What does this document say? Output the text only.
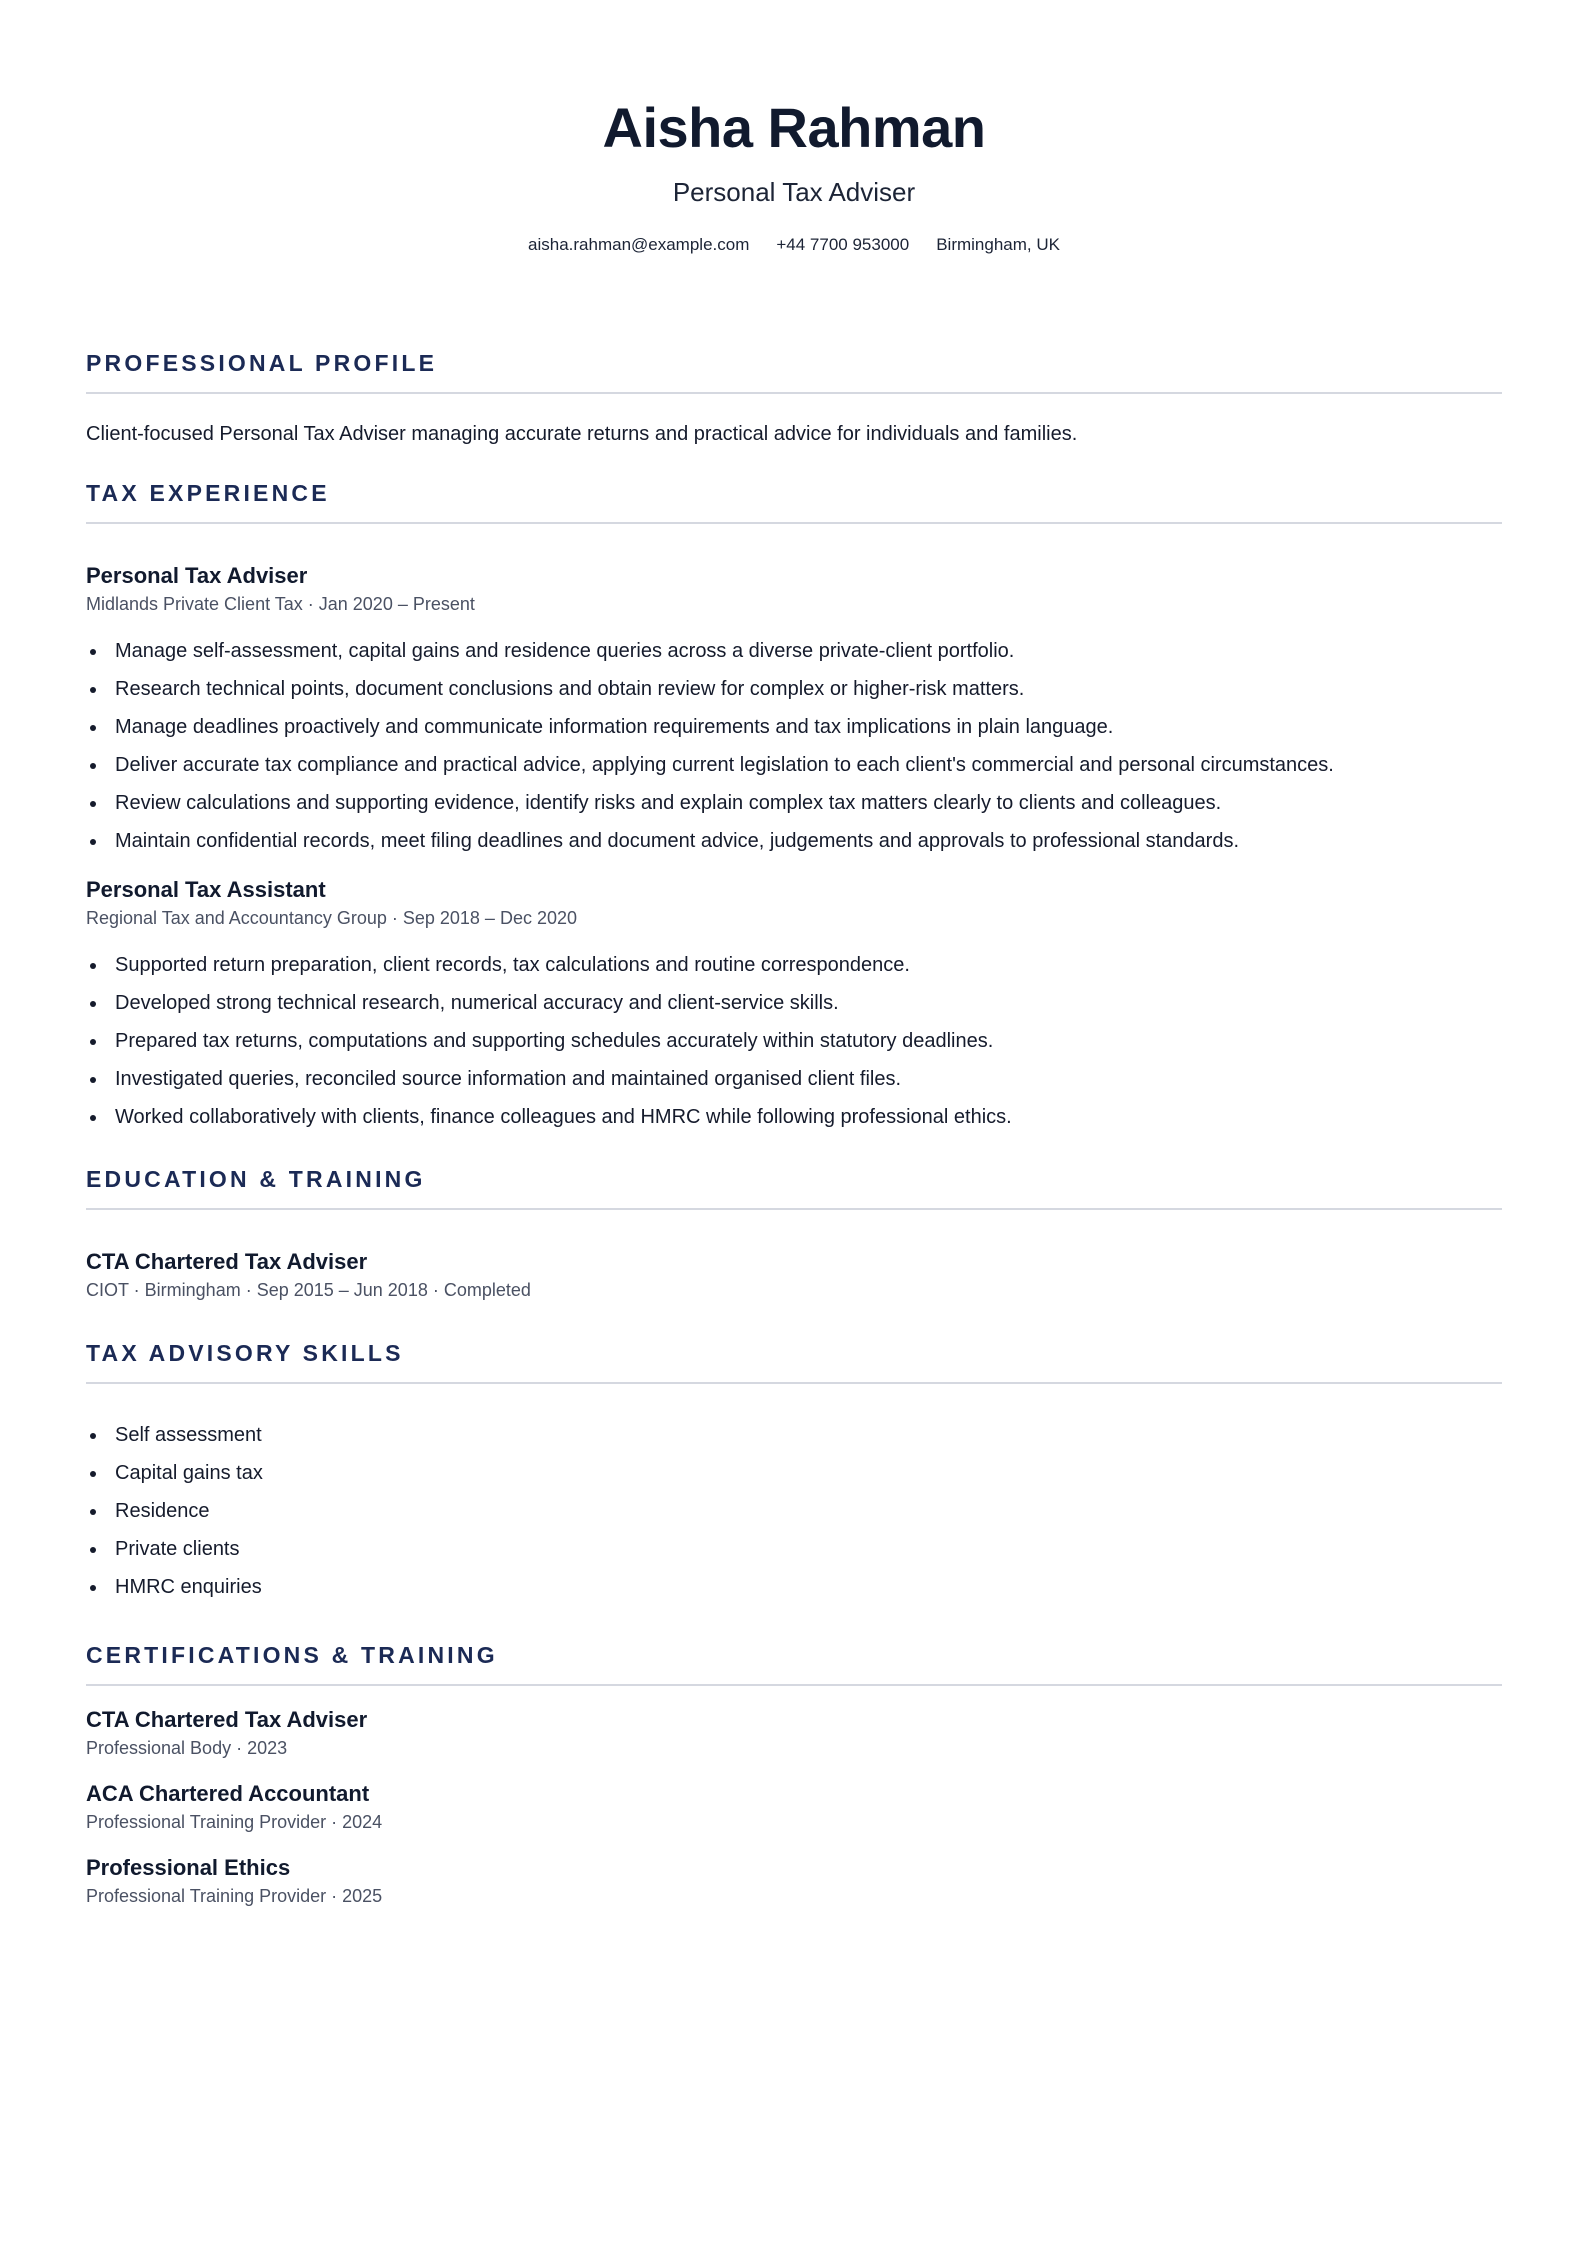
Aisha Rahman
Personal Tax Adviser
aisha.rahman@example.com +44 7700 953000 Birmingham, UK
PROFESSIONAL PROFILE
Client-focused Personal Tax Adviser managing accurate returns and practical advice for individuals and families.
TAX EXPERIENCE
Personal Tax Adviser
Midlands Private Client Tax · Jan 2020 – Present
Manage self-assessment, capital gains and residence queries across a diverse private-client portfolio.
Research technical points, document conclusions and obtain review for complex or higher-risk matters.
Manage deadlines proactively and communicate information requirements and tax implications in plain language.
Deliver accurate tax compliance and practical advice, applying current legislation to each client's commercial and personal circumstances.
Review calculations and supporting evidence, identify risks and explain complex tax matters clearly to clients and colleagues.
Maintain confidential records, meet filing deadlines and document advice, judgements and approvals to professional standards.
Personal Tax Assistant
Regional Tax and Accountancy Group · Sep 2018 – Dec 2020
Supported return preparation, client records, tax calculations and routine correspondence.
Developed strong technical research, numerical accuracy and client-service skills.
Prepared tax returns, computations and supporting schedules accurately within statutory deadlines.
Investigated queries, reconciled source information and maintained organised client files.
Worked collaboratively with clients, finance colleagues and HMRC while following professional ethics.
EDUCATION & TRAINING
CTA Chartered Tax Adviser
CIOT · Birmingham · Sep 2015 – Jun 2018 · Completed
TAX ADVISORY SKILLS
Self assessment
Capital gains tax
Residence
Private clients
HMRC enquiries
CERTIFICATIONS & TRAINING
CTA Chartered Tax Adviser
Professional Body · 2023
ACA Chartered Accountant
Professional Training Provider · 2024
Professional Ethics
Professional Training Provider · 2025
